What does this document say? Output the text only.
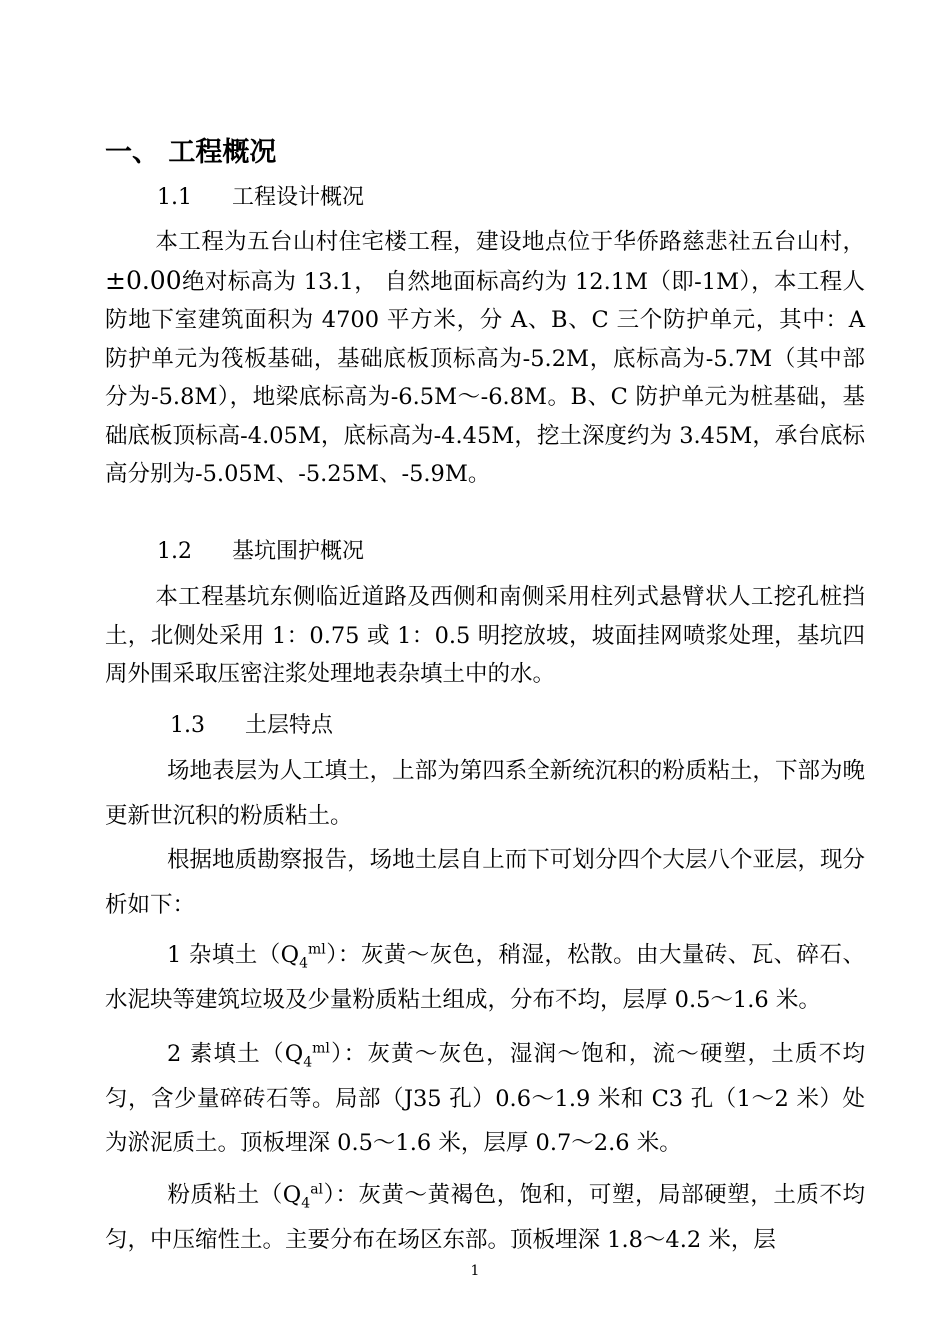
一、 工程概况
1.1 工程设计概况

本工程为五台山村住宅楼工程，建设地点位于华侨路慈悲社五台山村，±0.00绝对标高为 13.1， 自然地面标高约为 12.1M（即-1M），本工程人防地下室建筑面积为 4700 平方米，分 A、B、C 三个防护单元，其中：A 防护单元为筏板基础，基础底板顶标高为-5.2M，底标高为-5.7M（其中部分为-5.8M），地梁底标高为-6.5M～-6.8M。B、C 防护单元为桩基础，基础底板顶标高-4.05M，底标高为-4.45M，挖土深度约为 3.45M，承台底标高分别为-5.05M、-5.25M、-5.9M。

1.2 基坑围护概况

本工程基坑东侧临近道路及西侧和南侧采用柱列式悬臂状人工挖孔桩挡土，北侧处采用 1：0.75 或 1：0.5 明挖放坡，坡面挂网喷浆处理，基坑四周外围采取压密注浆处理地表杂填土中的水。

1.3 土层特点

场地表层为人工填土，上部为第四系全新统沉积的粉质粘土，下部为晚更新世沉积的粉质粘土。

根据地质勘察报告，场地土层自上而下可划分四个大层八个亚层，现分析如下：

1 杂填土$(Q_4^{ml})$：灰黄～灰色，稍湿，松散。由大量砖、瓦、碎石、水泥块等建筑垃圾及少量粉质粘土组成，分布不均，层厚 0.5～1.6 米。

2 素填土$(Q_4^{ml})$：灰黄～灰色，湿润～饱和，流～硬塑，土质不均匀，含少量碎砖石等。局部（J35 孔）0.6～1.9 米和 C3 孔（1～2 米）处为淤泥质土。顶板埋深 0.5～1.6 米，层厚 0.7～2.6 米。

粉质粘土$(Q_4^{al})$：灰黄～黄褐色，饱和，可塑，局部硬塑，土质不均匀，中压缩性土。主要分布在场区东部。顶板埋深 1.8～4.2 米，层

1
